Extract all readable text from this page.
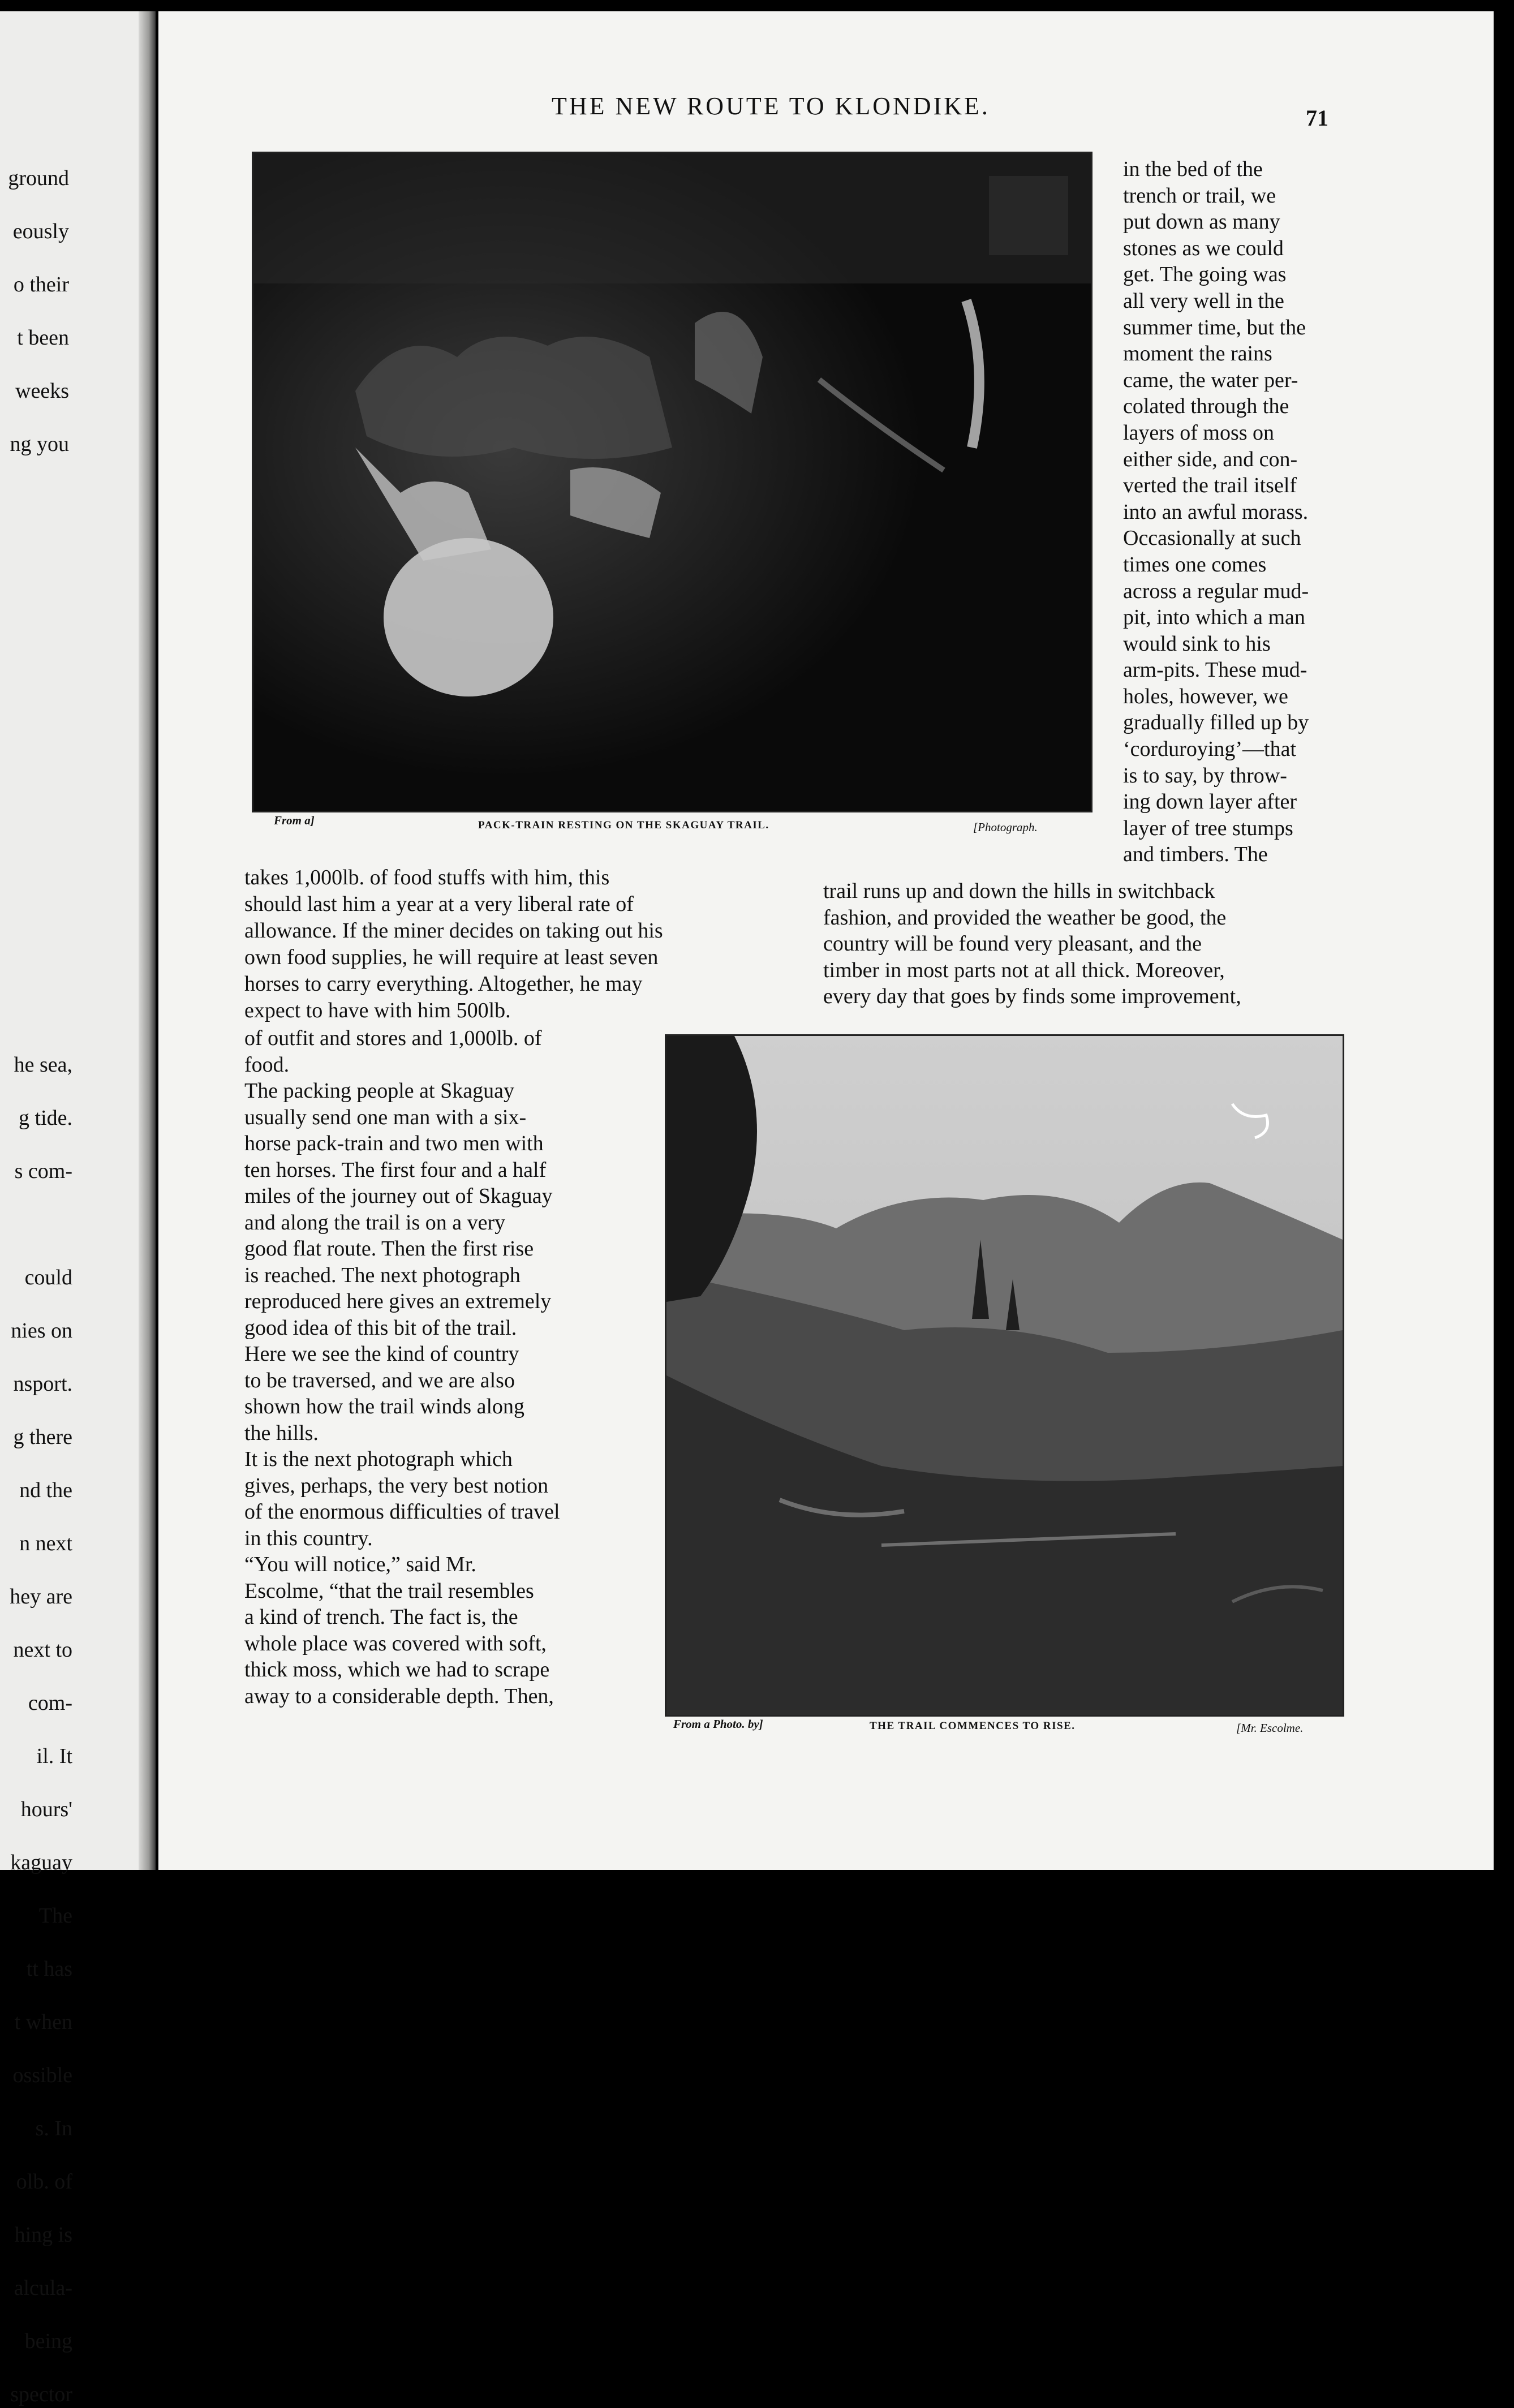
ground

eously

o their

t been

weeks

ng you

he sea,

g tide.

s com-

could

nies on

nsport.

g there

nd the

n next

hey are

next to

com-

il. It

hours'

kaguay

The

tt has

t when

ossible

s. In

olb. of

hing is

alcula-

being

spector

THE NEW ROUTE TO KLONDIKE.	71
From a]	PACK-TRAIN RESTING ON THE SKAGUAY TRAIL.	[Photograph.
in the bed of the
trench or trail, we
put down as many
stones as we could
get. The going was
all very well in the
summer time, but the
moment the rains
came, the water per-
colated through the
layers of moss on
either side, and con-
verted the trail itself
into an awful morass.
Occasionally at such
times one comes
across a regular mud-
pit, into which a man
would sink to his
arm-pits. These mud-
holes, however, we
gradually filled up by
‘corduroying’—that
is to say, by throw-
ing down layer after
layer of tree stumps
and timbers. The
takes 1,000lb. of food stuffs with him, this
should last him a year at a very liberal rate of
allowance. If the miner decides on taking out his
own food supplies, he will require at least seven
horses to carry everything. Altogether, he may
expect to have with him 500lb.
trail runs up and down the hills in switchback
fashion, and provided the weather be good, the
country will be found very pleasant, and the
timber in most parts not at all thick. Moreover,
every day that goes by finds some improvement,
of outfit and stores and 1,000lb. of
food.
The packing people at Skaguay
usually send one man with a six-
horse pack-train and two men with
ten horses. The first four and a half
miles of the journey out of Skaguay
and along the trail is on a very
good flat route. Then the first rise
is reached. The next photograph
reproduced here gives an extremely
good idea of this bit of the trail.
Here we see the kind of country
to be traversed, and we are also
shown how the trail winds along
the hills.
It is the next photograph which
gives, perhaps, the very best notion
of the enormous difficulties of travel
in this country.
“You will notice,” said Mr.
Escolme, “that the trail resembles
a kind of trench. The fact is, the
whole place was covered with soft,
thick moss, which we had to scrape
away to a considerable depth. Then,
From a Photo. by]	THE TRAIL COMMENCES TO RISE.	[Mr. Escolme.
